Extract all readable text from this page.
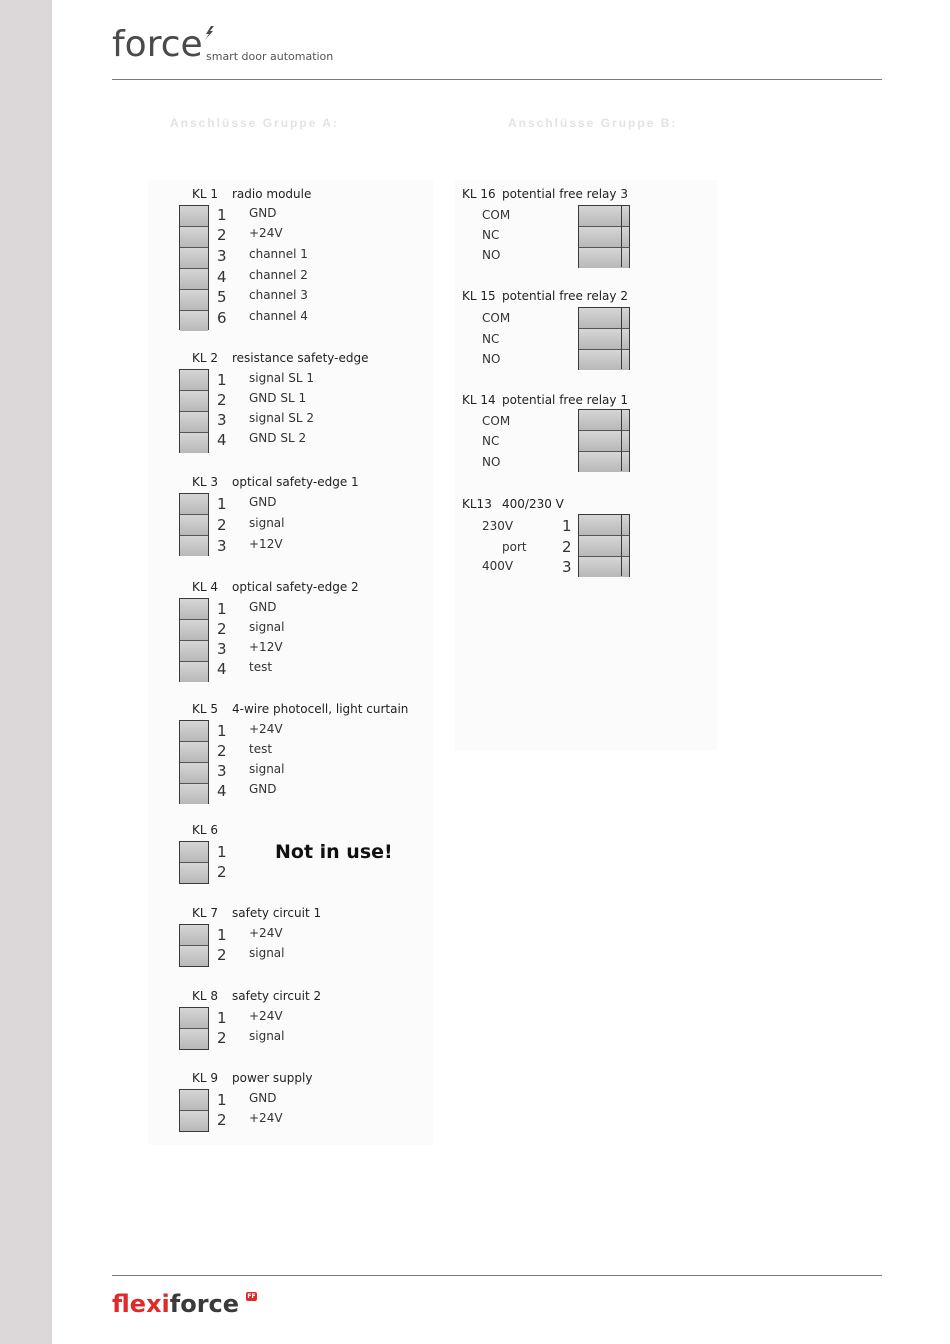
force smart door automation
Anschlüsse Gruppe A:	Anschlüsse Gruppe B:
KL 1 radio module
1 GND
2 +24V
3 channel 1
4 channel 2
5 channel 3
6 channel 4
KL 2 resistance safety-edge
1 signal SL 1
2 GND SL 1
3 signal SL 2
4 GND SL 2
KL 3 optical safety-edge 1
1 GND
2 signal
3 +12V
KL 4 optical safety-edge 2
1 GND
2 signal
3 +12V
4 test
KL 5 4-wire photocell, light curtain
1 +24V
2 test
3 signal
4 GND
KL 6
1
2
Not in use!
KL 7 safety circuit 1
1 +24V
2 signal
KL 8 safety circuit 2
1 +24V
2 signal
KL 9 power supply
1 GND
2 +24V
KL 16 potential free relay 3
COM
NC
NO
KL 15 potential free relay 2
COM
NC
NO
KL 14 potential free relay 1
COM
NC
NO
KL13 400/230 V
230V
port
400V
1
2
3
flexiforce FF
